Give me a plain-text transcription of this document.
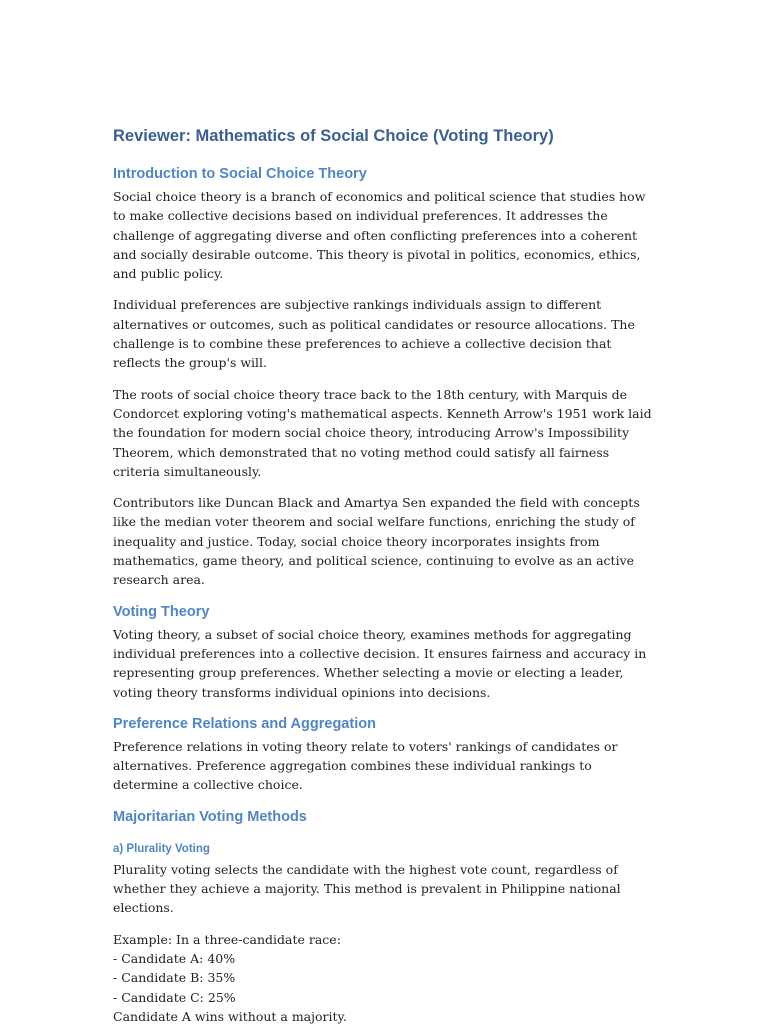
Reviewer: Mathematics of Social Choice (Voting Theory)
Introduction to Social Choice Theory

Social choice theory is a branch of economics and political science that studies how to make collective decisions based on individual preferences. It addresses the challenge of aggregating diverse and often conflicting preferences into a coherent and socially desirable outcome. This theory is pivotal in politics, economics, ethics, and public policy.

Individual preferences are subjective rankings individuals assign to different alternatives or outcomes, such as political candidates or resource allocations. The challenge is to combine these preferences to achieve a collective decision that reflects the group's will.

The roots of social choice theory trace back to the 18th century, with Marquis de Condorcet exploring voting's mathematical aspects. Kenneth Arrow's 1951 work laid the foundation for modern social choice theory, introducing Arrow's Impossibility Theorem, which demonstrated that no voting method could satisfy all fairness criteria simultaneously.

Contributors like Duncan Black and Amartya Sen expanded the field with concepts like the median voter theorem and social welfare functions, enriching the study of inequality and justice. Today, social choice theory incorporates insights from mathematics, game theory, and political science, continuing to evolve as an active research area.

Voting Theory

Voting theory, a subset of social choice theory, examines methods for aggregating individual preferences into a collective decision. It ensures fairness and accuracy in representing group preferences. Whether selecting a movie or electing a leader, voting theory transforms individual opinions into decisions.

Preference Relations and Aggregation

Preference relations in voting theory relate to voters' rankings of candidates or alternatives. Preference aggregation combines these individual rankings to determine a collective choice.

Majoritarian Voting Methods
a) Plurality Voting

Plurality voting selects the candidate with the highest vote count, regardless of whether they achieve a majority. This method is prevalent in Philippine national elections.

Example: In a three-candidate race:
- Candidate A: 40%
- Candidate B: 35%
- Candidate C: 25%
Candidate A wins without a majority.
